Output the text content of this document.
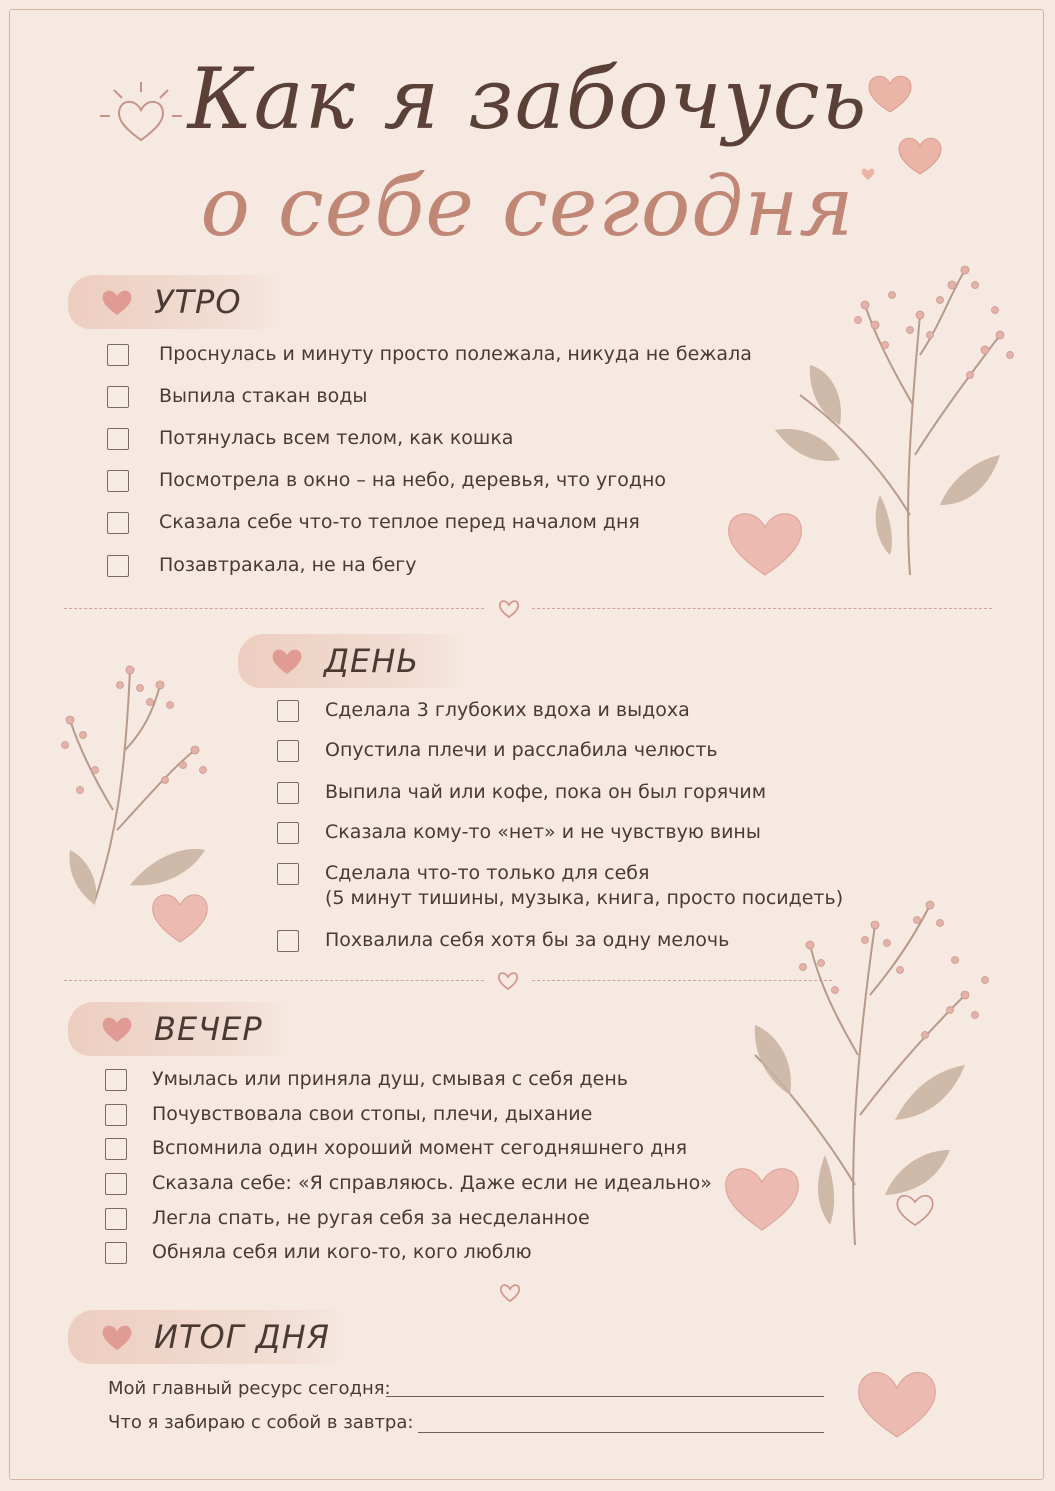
Как я забочусь
о себе сегодня
УТРО
Проснулась и минуту просто полежала, никуда не бежала
Выпила стакан воды
Потянулась всем телом, как кошка
Посмотрела в окно – на небо, деревья, что угодно
Сказала себе что-то теплое перед началом дня
Позавтракала, не на бегу
ДЕНЬ
Сделала 3 глубоких вдоха и выдоха
Опустила плечи и расслабила челюсть
Выпила чай или кофе, пока он был горячим
Сказала кому-то «нет» и не чувствую вины
Сделала что-то только для себя
(5 минут тишины, музыка, книга, просто посидеть)
Похвалила себя хотя бы за одну мелочь
ВЕЧЕР
Умылась или приняла душ, смывая с себя день
Почувствовала свои стопы, плечи, дыхание
Вспомнила один хороший момент сегодняшнего дня
Сказала себе: «Я справляюсь. Даже если не идеально»
Легла спать, не ругая себя за несделанное
Обняла себя или кого-то, кого люблю
ИТОГ ДНЯ
Мой главный ресурс сегодня:
Что я забираю с собой в завтра:
